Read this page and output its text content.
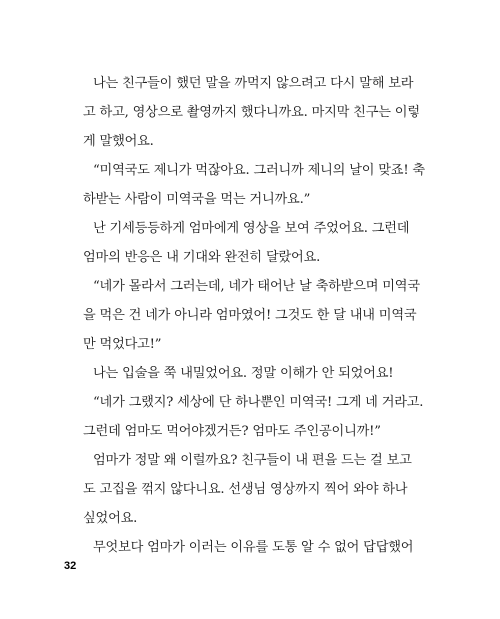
나는 친구들이 했던 말을 까먹지 않으려고 다시 말해 보라
고 하고, 영상으로 촬영까지 했다니까요. 마지막 친구는 이렇
게 말했어요.
“미역국도 제니가 먹잖아요. 그러니까 제니의 날이 맞죠! 축
하받는 사람이 미역국을 먹는 거니까요.”
난 기세등등하게 엄마에게 영상을 보여 주었어요. 그런데
엄마의 반응은 내 기대와 완전히 달랐어요.
“네가 몰라서 그러는데, 네가 태어난 날 축하받으며 미역국
을 먹은 건 네가 아니라 엄마였어! 그것도 한 달 내내 미역국
만 먹었다고!”
나는 입술을 쭉 내밀었어요. 정말 이해가 안 되었어요!
“네가 그랬지? 세상에 단 하나뿐인 미역국! 그게 네 거라고.
그런데 엄마도 먹어야겠거든? 엄마도 주인공이니까!”
엄마가 정말 왜 이럴까요? 친구들이 내 편을 드는 걸 보고
도 고집을 꺾지 않다니요. 선생님 영상까지 찍어 와야 하나
싶었어요.
무엇보다 엄마가 이러는 이유를 도통 알 수 없어 답답했어
32
